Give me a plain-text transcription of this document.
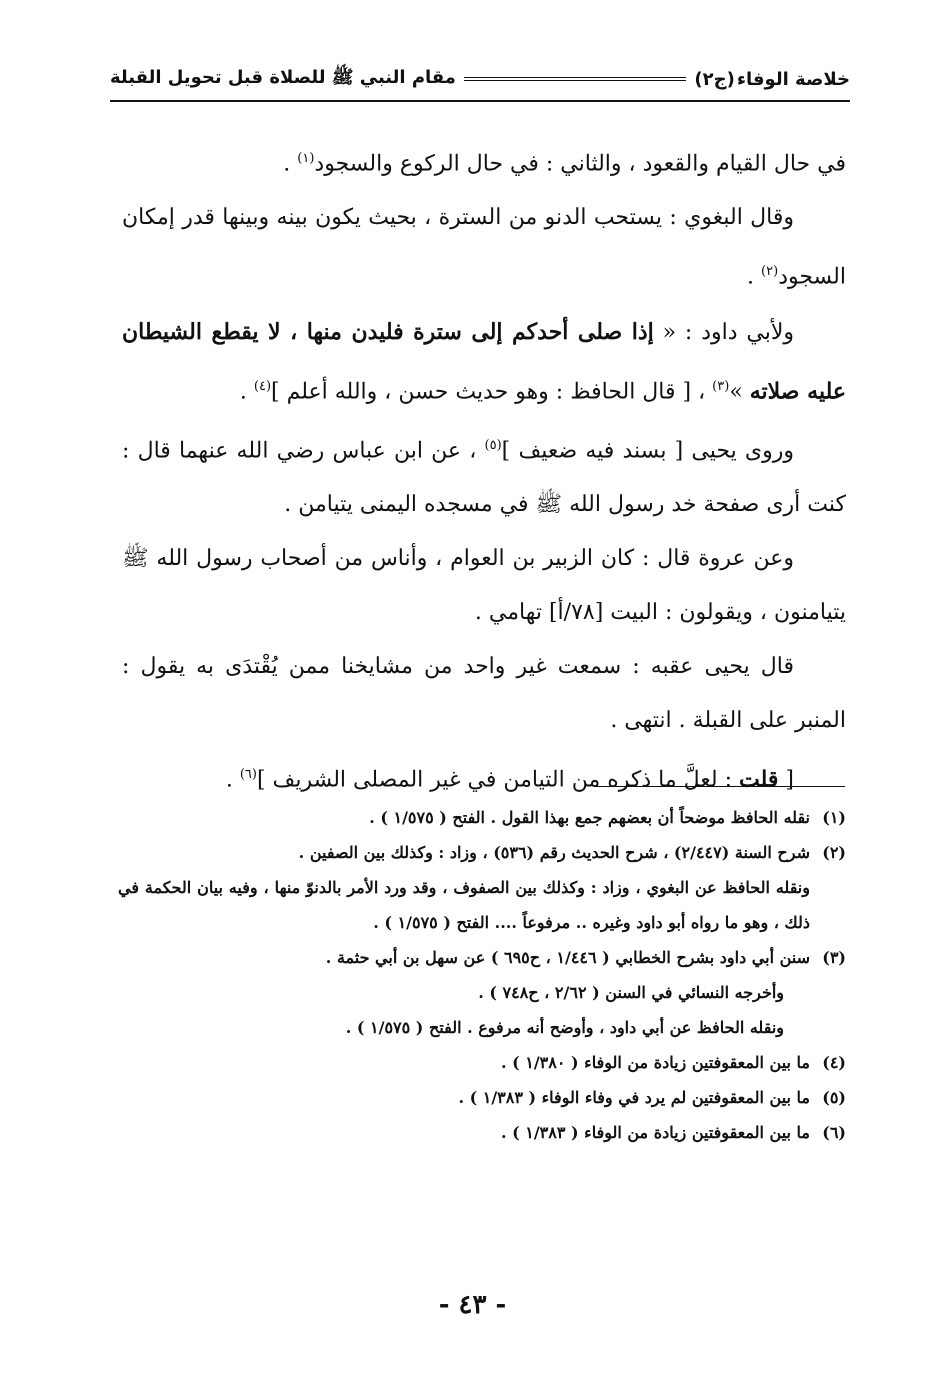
خلاصة الوفاء
(ج٢)
مقام النبي ﷺ للصلاة قبل تحويل القبلة

في حال القيام والقعود ، والثاني : في حال الركوع والسجود$^{(١)}$ .

وقال البغوي : يستحب الدنو من السترة ، بحيث يكون بينه وبينها قدر إمكان السجود$^{(٢)}$ .

ولأبي داود : « إذا صلى أحدكم إلى سترة فليدن منها ، لا يقطع الشيطان عليه صلاته »$^{(٣)}$ ، [ قال الحافظ : وهو حديث حسن ، والله أعلم ]$^{(٤)}$ .

وروى يحيى [ بسند فيه ضعيف ]$^{(٥)}$ ، عن ابن عباس رضي الله عنهما قال : كنت أرى صفحة خد رسول الله ﷺ في مسجده اليمنى يتيامن .

وعن عروة قال : كان الزبير بن العوام ، وأناس من أصحاب رسول الله ﷺ يتيامنون ، ويقولون : البيت [٧٨/أ] تهامي .

قال يحيى عقبه : سمعت غير واحد من مشايخنا ممن يُقْتدَى به يقول : المنبر على القبلة . انتهى .

[ قلت : لعلَّ ما ذكره من التيامن في غير المصلى الشريف ]$^{(٦)}$ .

(١)
نقله الحافظ موضحاً أن بعضهم جمع بهذا القول . الفتح ( ١/٥٧٥ ) .

(٢)
شرح السنة (٢/٤٤٧) ، شرح الحديث رقم (٥٣٦) ، وزاد : وكذلك بين الصفين .

ونقله الحافظ عن البغوي ، وزاد : وكذلك بين الصفوف ، وقد ورد الأمر بالدنوّ منها ، وفيه بيان الحكمة في ذلك ، وهو ما رواه أبو داود وغيره .. مرفوعاً .... الفتح ( ١/٥٧٥ ) .

(٣)
سنن أبي داود بشرح الخطابي ( ١/٤٤٦ ، ح٦٩٥ ) عن سهل بن أبي حثمة .

وأخرجه النسائي في السنن ( ٢/٦٢ ، ح٧٤٨ ) .

ونقله الحافظ عن أبي داود ، وأوضح أنه مرفوع . الفتح ( ١/٥٧٥ ) .

(٤)
ما بين المعقوفتين زيادة من الوفاء ( ١/٣٨٠ ) .

(٥)
ما بين المعقوفتين لم يرد في وفاء الوفاء ( ١/٣٨٣ ) .

(٦)
ما بين المعقوفتين زيادة من الوفاء ( ١/٣٨٣ ) .

- ٤٣ -
